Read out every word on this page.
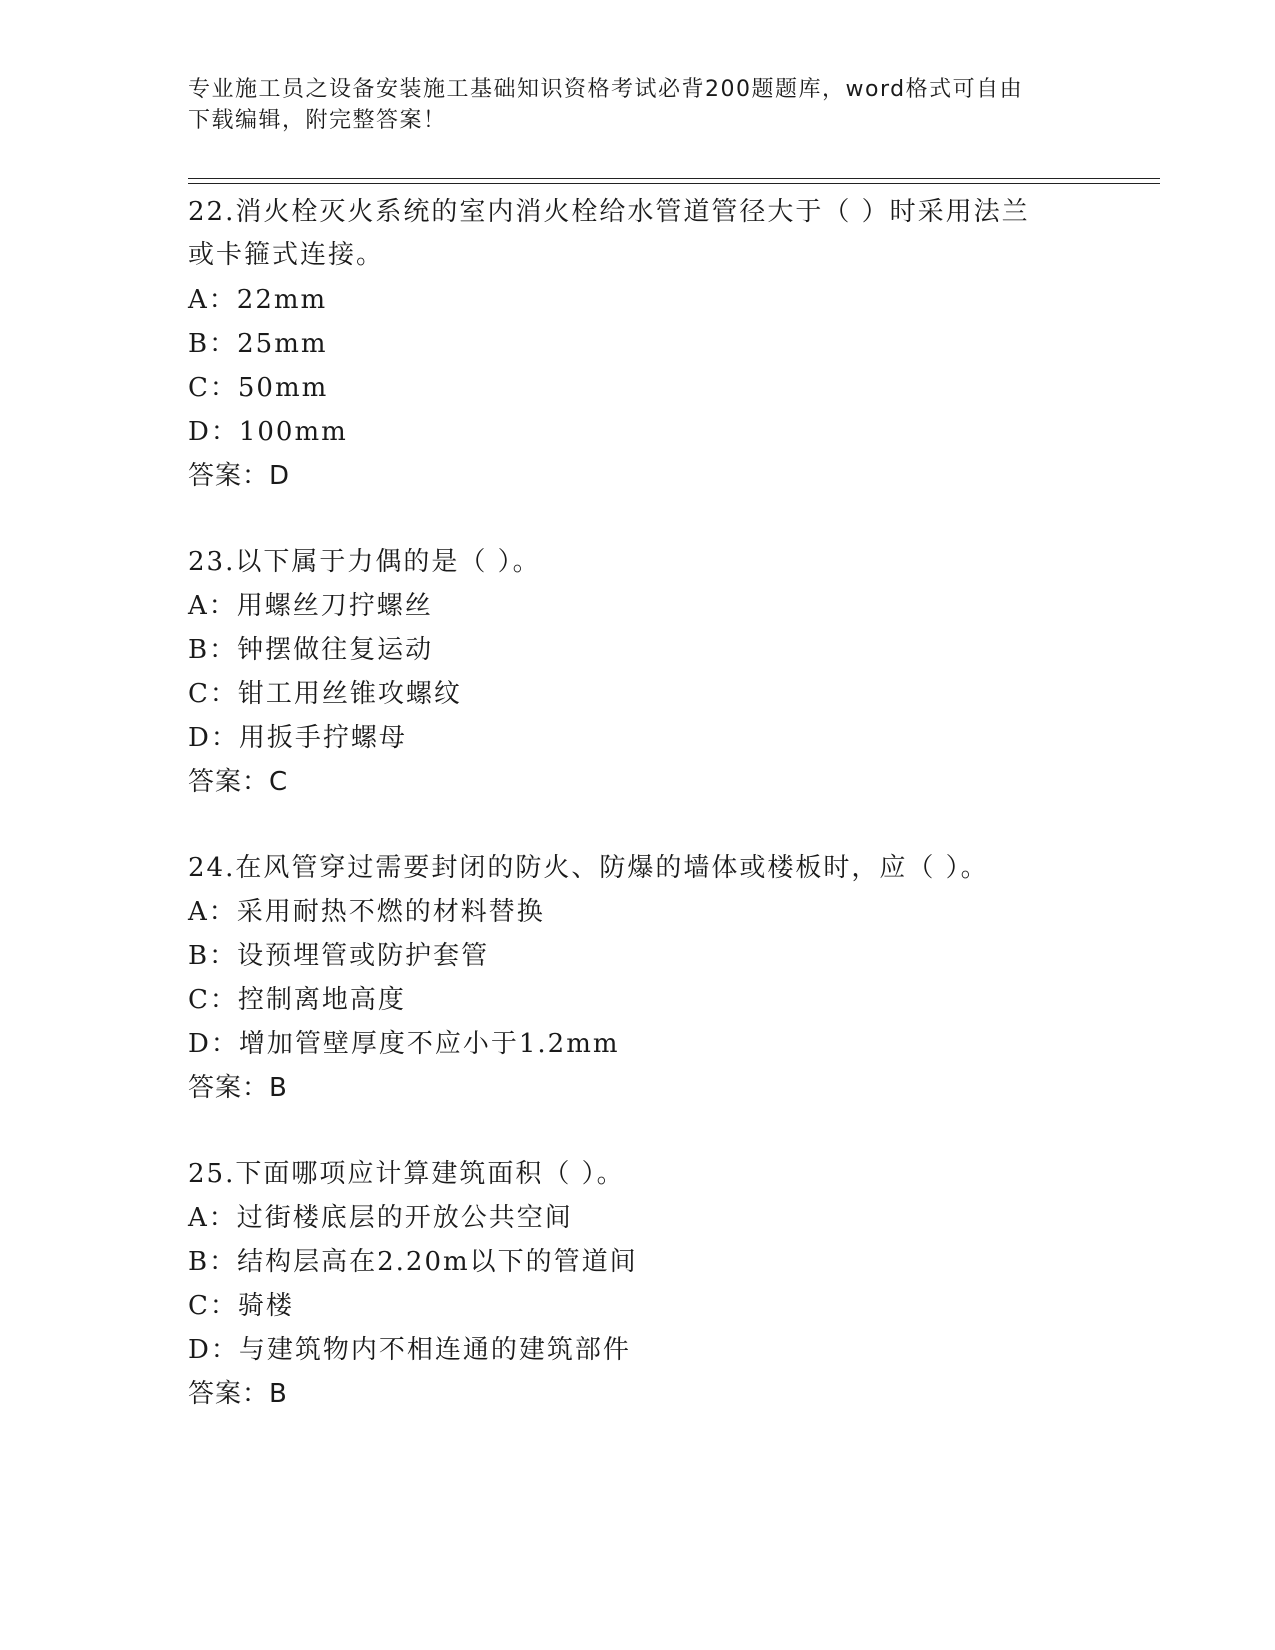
专业施工员之设备安装施工基础知识资格考试必背200题题库，word格式可自由
下载编辑，附完整答案！
22.消火栓灭火系统的室内消火栓给水管道管径大于（ ）时采用法兰
或卡箍式连接。
A：22mm
B：25mm
C：50mm
D：100mm
答案：D
23.以下属于力偶的是（ ）。
A：用螺丝刀拧螺丝
B：钟摆做往复运动
C：钳工用丝锥攻螺纹
D：用扳手拧螺母
答案：C
24.在风管穿过需要封闭的防火、防爆的墙体或楼板时，应（ ）。
A：采用耐热不燃的材料替换
B：设预埋管或防护套管
C：控制离地高度
D：增加管壁厚度不应小于1.2mm
答案：B
25.下面哪项应计算建筑面积（ ）。
A：过街楼底层的开放公共空间
B：结构层高在2.20m以下的管道间
C：骑楼
D：与建筑物内不相连通的建筑部件
答案：B
